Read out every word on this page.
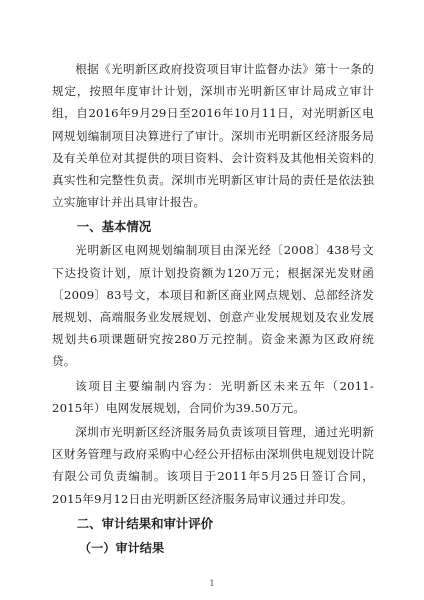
根据《光明新区政府投资项目审计监督办法》第十一条的规定，按照年度审计计划，深圳市光明新区审计局成立审计组，自2016年9月29日至2016年10月11日，对光明新区电网规划编制项目决算进行了审计。深圳市光明新区经济服务局及有关单位对其提供的项目资料、会计资料及其他相关资料的真实性和完整性负责。深圳市光明新区审计局的责任是依法独立实施审计并出具审计报告。

一、基本情况

光明新区电网规划编制项目由深光经〔2008〕438号文下达投资计划，原计划投资额为120万元；根据深光发财函〔2009〕83号文，本项目和新区商业网点规划、总部经济发展规划、高端服务业发展规划、创意产业发展规划及农业发展规划共6项课题研究按280万元控制。资金来源为区政府统贷。

该项目主要编制内容为：光明新区未来五年（2011-2015年）电网发展规划，合同价为39.50万元。

深圳市光明新区经济服务局负责该项目管理，通过光明新区财务管理与政府采购中心经公开招标由深圳供电规划设计院有限公司负责编制。该项目于2011年5月25日签订合同，2015年9月12日由光明新区经济服务局审议通过并印发。

二、审计结果和审计评价

（一）审计结果

1
